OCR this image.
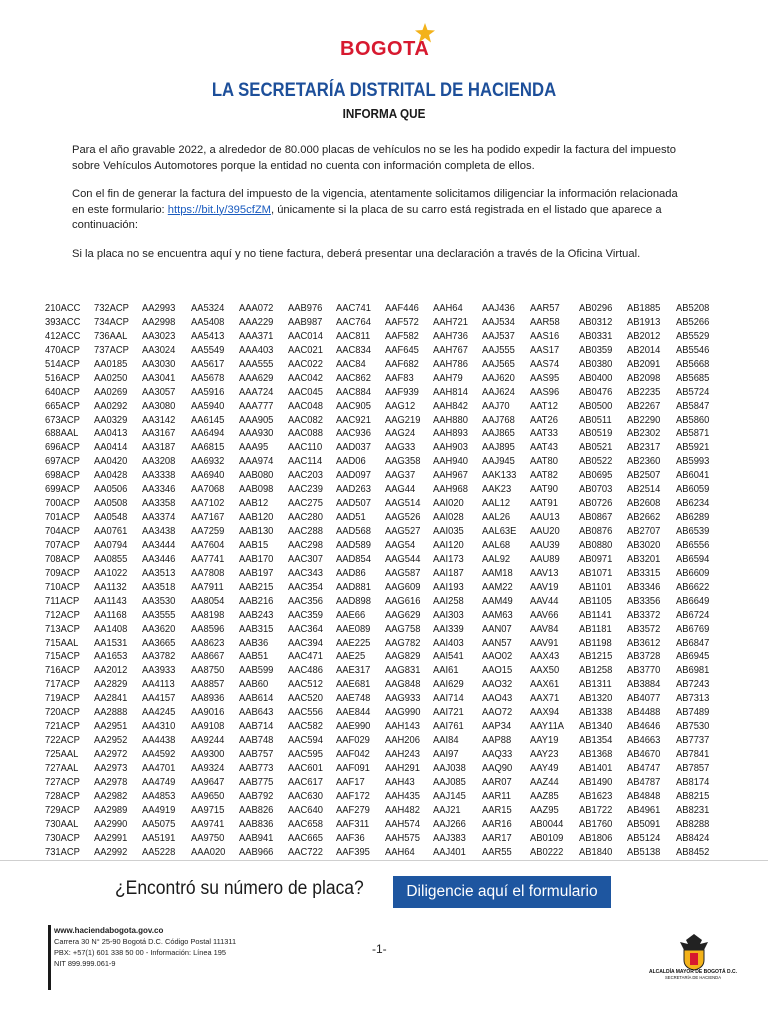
BOGOTA
LA SECRETARÍA DISTRITAL DE HACIENDA
INFORMA QUE

Para el año gravable 2022, a alrededor de 80.000 placas de vehículos no se les ha podido expedir la factura del impuesto sobre Vehículos Automotores porque la entidad no cuenta con información completa de ellos.

Con el fin de generar la factura del impuesto de la vigencia, atentamente solicitamos diligenciar la información relacionada en este formulario: https://bit.ly/395cfZM, únicamente si la placa de su carro está registrada en el listado que aparece a continuación:

Si la placa no se encuentra aquí y no tiene factura, deberá presentar una declaración a través de la Oficina Virtual.

210ACC
393ACC
412ACC
470ACP
514ACP
516ACP
640ACP
665ACP
673ACP
688AAL
696ACP
697ACP
698ACP
699ACP
700ACP
701ACP
704ACP
707ACP
708ACP
709ACP
710ACP
711ACP
712ACP
713ACP
715AAL
715ACP
716ACP
717ACP
719ACP
720ACP
721ACP
722ACP
725AAL
727AAL
727ACP
728ACP
729ACP
730AAL
730ACP
731ACP
732ACP
734ACP
736AAL
737ACP
AA0185
AA0250
AA0269
AA0292
AA0329
AA0413
AA0414
AA0420
AA0428
AA0506
AA0508
AA0548
AA0761
AA0794
AA0855
AA1022
AA1132
AA1143
AA1168
AA1408
AA1531
AA1653
AA2012
AA2829
AA2841
AA2888
AA2951
AA2952
AA2972
AA2973
AA2978
AA2982
AA2989
AA2990
AA2991
AA2992
AA2993
AA2998
AA3023
AA3024
AA3030
AA3041
AA3057
AA3080
AA3142
AA3167
AA3187
AA3208
AA3338
AA3346
AA3358
AA3374
AA3438
AA3444
AA3446
AA3513
AA3518
AA3530
AA3555
AA3620
AA3665
AA3782
AA3933
AA4113
AA4157
AA4245
AA4310
AA4438
AA4592
AA4701
AA4749
AA4853
AA4919
AA5075
AA5191
AA5228
AA5324
AA5408
AA5413
AA5549
AA5617
AA5678
AA5916
AA5940
AA6145
AA6494
AA6815
AA6932
AA6940
AA7068
AA7102
AA7167
AA7259
AA7604
AA7741
AA7808
AA7911
AA8054
AA8198
AA8596
AA8623
AA8667
AA8750
AA8857
AA8936
AA9016
AA9108
AA9244
AA9300
AA9324
AA9647
AA9650
AA9715
AA9741
AA9750
AAA020
AAA072
AAA229
AAA371
AAA403
AAA555
AAA629
AAA724
AAA777
AAA905
AAA930
AAA95
AAA974
AAB080
AAB098
AAB12
AAB120
AAB130
AAB15
AAB170
AAB197
AAB215
AAB216
AAB243
AAB315
AAB36
AAB51
AAB599
AAB60
AAB614
AAB643
AAB714
AAB748
AAB757
AAB773
AAB775
AAB792
AAB826
AAB836
AAB941
AAB966
AAB976
AAB987
AAC014
AAC021
AAC022
AAC042
AAC045
AAC048
AAC082
AAC088
AAC110
AAC114
AAC203
AAC239
AAC275
AAC280
AAC288
AAC298
AAC307
AAC343
AAC354
AAC356
AAC359
AAC364
AAC394
AAC471
AAC486
AAC512
AAC520
AAC556
AAC582
AAC594
AAC595
AAC601
AAC617
AAC630
AAC640
AAC658
AAC665
AAC722
AAC741
AAC764
AAC811
AAC834
AAC84
AAC862
AAC884
AAC905
AAC921
AAC936
AAD037
AAD06
AAD097
AAD263
AAD507
AAD51
AAD568
AAD589
AAD854
AAD86
AAD881
AAD898
AAE66
AAE089
AAE225
AAE25
AAE317
AAE681
AAE748
AAE844
AAE990
AAF029
AAF042
AAF091
AAF17
AAF172
AAF279
AAF311
AAF36
AAF395
AAF446
AAF572
AAF582
AAF645
AAF682
AAF83
AAF939
AAG12
AAG219
AAG24
AAG33
AAG358
AAG37
AAG44
AAG514
AAG526
AAG527
AAG54
AAG544
AAG587
AAG609
AAG616
AAG629
AAG758
AAG782
AAG829
AAG831
AAG848
AAG933
AAG990
AAH143
AAH206
AAH243
AAH291
AAH43
AAH435
AAH482
AAH574
AAH575
AAH64
AAH64
AAH721
AAH736
AAH767
AAH786
AAH79
AAH814
AAH842
AAH880
AAH893
AAH903
AAH940
AAH967
AAH968
AAI020
AAI028
AAI035
AAI120
AAI173
AAI187
AAI193
AAI258
AAI303
AAI339
AAI403
AAI541
AAI61
AAI629
AAI714
AAI721
AAI761
AAI84
AAI97
AAJ038
AAJ085
AAJ145
AAJ21
AAJ266
AAJ383
AAJ401
AAJ436
AAJ534
AAJ537
AAJ555
AAJ565
AAJ620
AAJ624
AAJ70
AAJ768
AAJ865
AAJ895
AAJ945
AAK133
AAK23
AAL12
AAL26
AAL63E
AAL68
AAL92
AAM18
AAM22
AAM49
AAM63
AAN07
AAN57
AAO02
AAO15
AAO32
AAO43
AAO72
AAP34
AAP88
AAQ33
AAQ90
AAR07
AAR11
AAR15
AAR16
AAR17
AAR55
AAR57
AAR58
AAS16
AAS17
AAS74
AAS95
AAS96
AAT12
AAT26
AAT33
AAT43
AAT80
AAT82
AAT90
AAT91
AAU13
AAU20
AAU39
AAU89
AAV13
AAV19
AAV44
AAV66
AAV84
AAV91
AAX43
AAX50
AAX61
AAX71
AAX94
AAY11A
AAY19
AAY23
AAY49
AAZ44
AAZ85
AAZ95
AB0044
AB0109
AB0222
AB0296
AB0312
AB0331
AB0359
AB0380
AB0400
AB0476
AB0500
AB0511
AB0519
AB0521
AB0522
AB0695
AB0703
AB0726
AB0867
AB0876
AB0880
AB0971
AB1071
AB1101
AB1105
AB1141
AB1181
AB1198
AB1215
AB1258
AB1311
AB1320
AB1338
AB1340
AB1354
AB1368
AB1401
AB1490
AB1623
AB1722
AB1760
AB1806
AB1840
AB1885
AB1913
AB2012
AB2014
AB2091
AB2098
AB2235
AB2267
AB2290
AB2302
AB2317
AB2360
AB2507
AB2514
AB2608
AB2662
AB2707
AB3020
AB3201
AB3315
AB3346
AB3356
AB3372
AB3572
AB3612
AB3728
AB3770
AB3884
AB4077
AB4488
AB4646
AB4663
AB4670
AB4747
AB4787
AB4848
AB4961
AB5091
AB5124
AB5138
AB5208
AB5266
AB5529
AB5546
AB5668
AB5685
AB5724
AB5847
AB5860
AB5871
AB5921
AB5993
AB6041
AB6059
AB6234
AB6289
AB6539
AB6556
AB6594
AB6609
AB6622
AB6649
AB6724
AB6769
AB6847
AB6945
AB6981
AB7243
AB7313
AB7489
AB7530
AB7737
AB7841
AB7857
AB8174
AB8215
AB8231
AB8288
AB8424
AB8452
¿Encontró su número de placa?	Diligencie aquí el formulario
www.haciendabogota.gov.co
Carrera 30 N° 25-90 Bogotá D.C. Código Postal 111311
PBX: +57(1) 601 338 50 00 - Información: Línea 195
NIT 899.999.061-9
-1-
ALCALDÍA MAYOR DE BOGOTÁ D.C.
SECRETARÍA DE HACIENDA
